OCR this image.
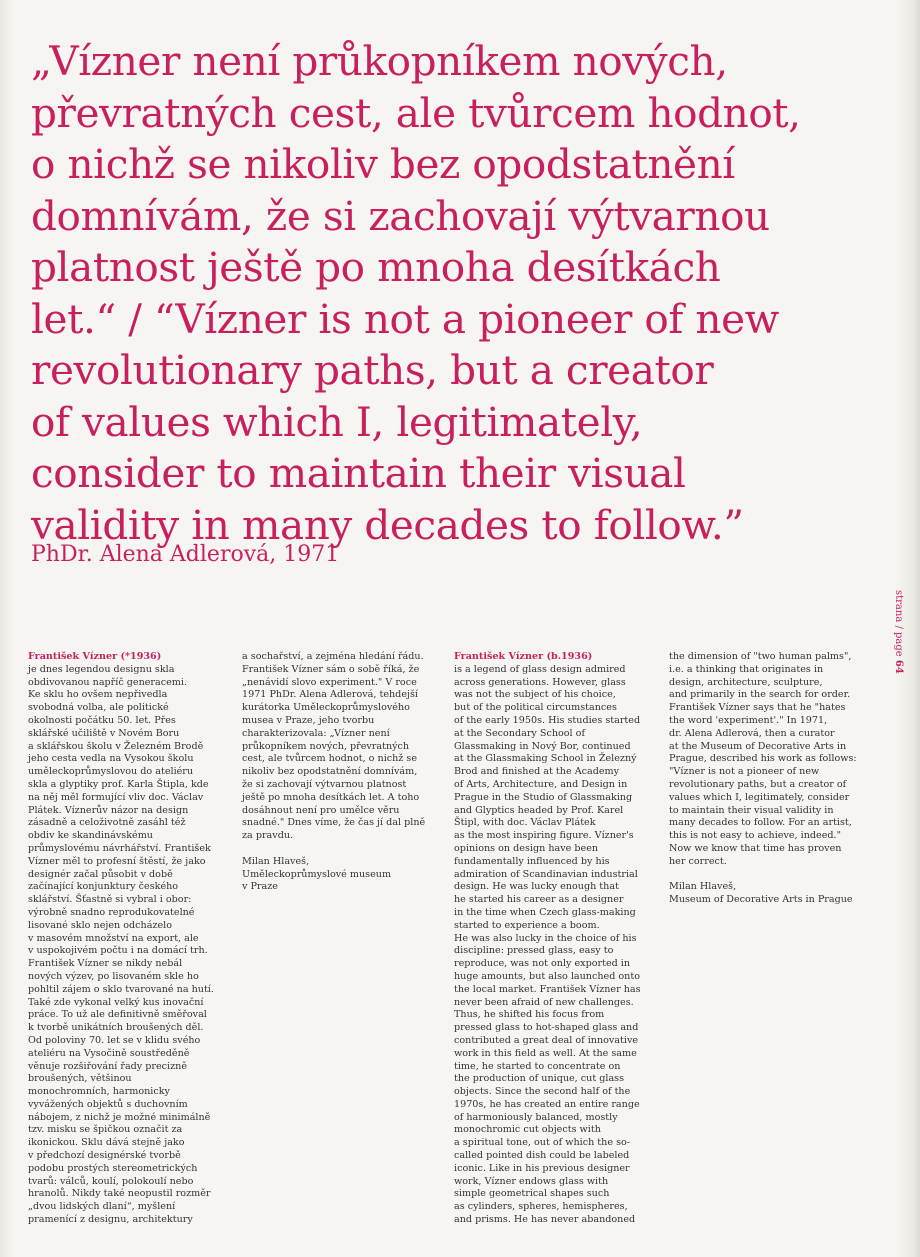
„Vízner není průkopníkem nových,
převratných cest, ale tvůrcem hodnot,
o nichž se nikoliv bez opodstatnění
domnívám, že si zachovají výtvarnou
platnost ještě po mnoha desítkách
let.“ / “Vízner is not a pioneer of new
revolutionary paths, but a creator
of values which I, legitimately,
consider to maintain their visual
validity in many decades to follow.”
PhDr. Alena Adlerová, 1971
strana / page 64
František Vízner (*1936)
je dnes legendou designu skla
obdivovanou napříč generacemi.
Ke sklu ho ovšem nepřivedla
svobodná volba, ale politické
okolnosti počátku 50. let. Přes
sklářské učiliště v Novém Boru
a sklářskou školu v Železném Brodě
jeho cesta vedla na Vysokou školu
uměleckoprůmyslovou do ateliéru
skla a glyptiky prof. Karla Štipla, kde
na něj měl formující vliv doc. Václav
Plátek. Víznerův názor na design
zásadně a celoživotně zasáhl též
obdiv ke skandinávskému
průmyslovému návrhářství. František
Vízner měl to profesní štěstí, že jako
designér začal působit v době
začínající konjunktury českého
sklářství. Šťastně si vybral i obor:
výrobně snadno reprodukovatelné
lisované sklo nejen odcházelo
v masovém množství na export, ale
v uspokojivém počtu i na domácí trh.
František Vízner se nikdy nebál
nových výzev, po lisovaném skle ho
pohltil zájem o sklo tvarované na hutí.
Také zde vykonal velký kus inovační
práce. To už ale definitivně směřoval
k tvorbě unikátních broušených děl.
Od poloviny 70. let se v klidu svého
ateliéru na Vysočině soustředěně
věnuje rozšiřování řady precizně
broušených, většinou
monochromních, harmonicky
vyvážených objektů s duchovním
nábojem, z nichž je možné minimálně
tzv. misku se špičkou označit za
ikonickou. Sklu dává stejně jako
v předchozí designérské tvorbě
podobu prostých stereometrických
tvarů: válců, koulí, polokoulí nebo
hranolů. Nikdy také neopustil rozměr
„dvou lidských dlaní“, myšlení
pramenící z designu, architektury
a sochařství, a zejména hledání řádu.
František Vízner sám o sobě říká, že
„nenávidí slovo experiment." V roce
1971 PhDr. Alena Adlerová, tehdejší
kurátorka Uměleckoprůmyslového
musea v Praze, jeho tvorbu
charakterizovala: „Vízner není
průkopníkem nových, převratných
cest, ale tvůrcem hodnot, o nichž se
nikoliv bez opodstatnění domnívám,
že si zachovají výtvarnou platnost
ještě po mnoha desítkách let. A toho
dosáhnout není pro umělce věru
snadné." Dnes víme, že čas jí dal plně
za pravdu.
Milan Hlaveš,
Uměleckoprůmyslové museum
v Praze
František Vízner (b.1936)
is a legend of glass design admired
across generations. However, glass
was not the subject of his choice,
but of the political circumstances
of the early 1950s. His studies started
at the Secondary School of
Glassmaking in Nový Bor, continued
at the Glassmaking School in Železný
Brod and finished at the Academy
of Arts, Architecture, and Design in
Prague in the Studio of Glassmaking
and Glyptics headed by Prof. Karel
Štipl, with doc. Václav Plátek
as the most inspiring figure. Vízner's
opinions on design have been
fundamentally influenced by his
admiration of Scandinavian industrial
design. He was lucky enough that
he started his career as a designer
in the time when Czech glass-making
started to experience a boom.
He was also lucky in the choice of his
discipline: pressed glass, easy to
reproduce, was not only exported in
huge amounts, but also launched onto
the local market. František Vízner has
never been afraid of new challenges.
Thus, he shifted his focus from
pressed glass to hot-shaped glass and
contributed a great deal of innovative
work in this field as well. At the same
time, he started to concentrate on
the production of unique, cut glass
objects. Since the second half of the
1970s, he has created an entire range
of harmoniously balanced, mostly
monochromic cut objects with
a spiritual tone, out of which the so-
called pointed dish could be labeled
iconic. Like in his previous designer
work, Vízner endows glass with
simple geometrical shapes such
as cylinders, spheres, hemispheres,
and prisms. He has never abandoned
the dimension of "two human palms",
i.e. a thinking that originates in
design, architecture, sculpture,
and primarily in the search for order.
František Vízner says that he "hates
the word 'experiment'." In 1971,
dr. Alena Adlerová, then a curator
at the Museum of Decorative Arts in
Prague, described his work as follows:
"Vízner is not a pioneer of new
revolutionary paths, but a creator of
values which I, legitimately, consider
to maintain their visual validity in
many decades to follow. For an artist,
this is not easy to achieve, indeed."
Now we know that time has proven
her correct.
Milan Hlaveš,
Museum of Decorative Arts in Prague
